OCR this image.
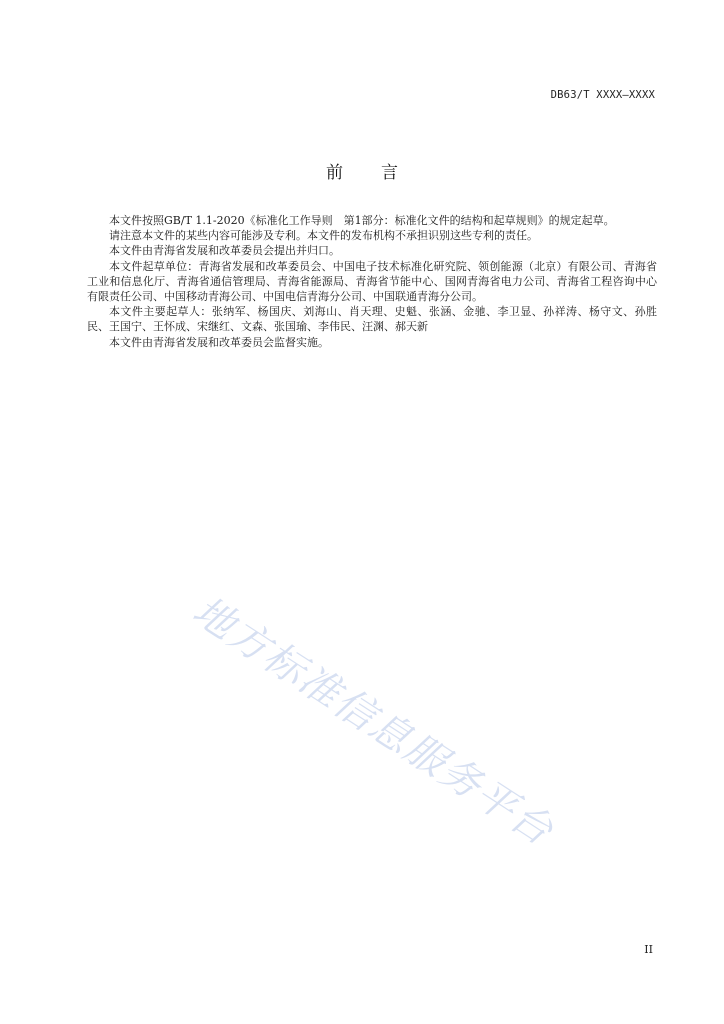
DB63/T XXXX—XXXX
前言

本文件按照GB/T 1.1-2020《标准化工作导则　第1部分：标准化文件的结构和起草规则》的规定起草。

请注意本文件的某些内容可能涉及专利。本文件的发布机构不承担识别这些专利的责任。

本文件由青海省发展和改革委员会提出并归口。

本文件起草单位：青海省发展和改革委员会、中国电子技术标准化研究院、领创能源（北京）有限公司、青海省工业和信息化厅、青海省通信管理局、青海省能源局、青海省节能中心、国网青海省电力公司、青海省工程咨询中心有限责任公司、中国移动青海公司、中国电信青海分公司、中国联通青海分公司。

本文件主要起草人：张纳军、杨国庆、刘海山、肖天理、史魁、张涵、金驰、李卫显、孙祥涛、杨守文、孙胜民、王国宁、王怀成、宋继红、文森、张国瑜、李伟民、汪渊、郝天新

本文件由青海省发展和改革委员会监督实施。

地方标准信息服务平台
II
